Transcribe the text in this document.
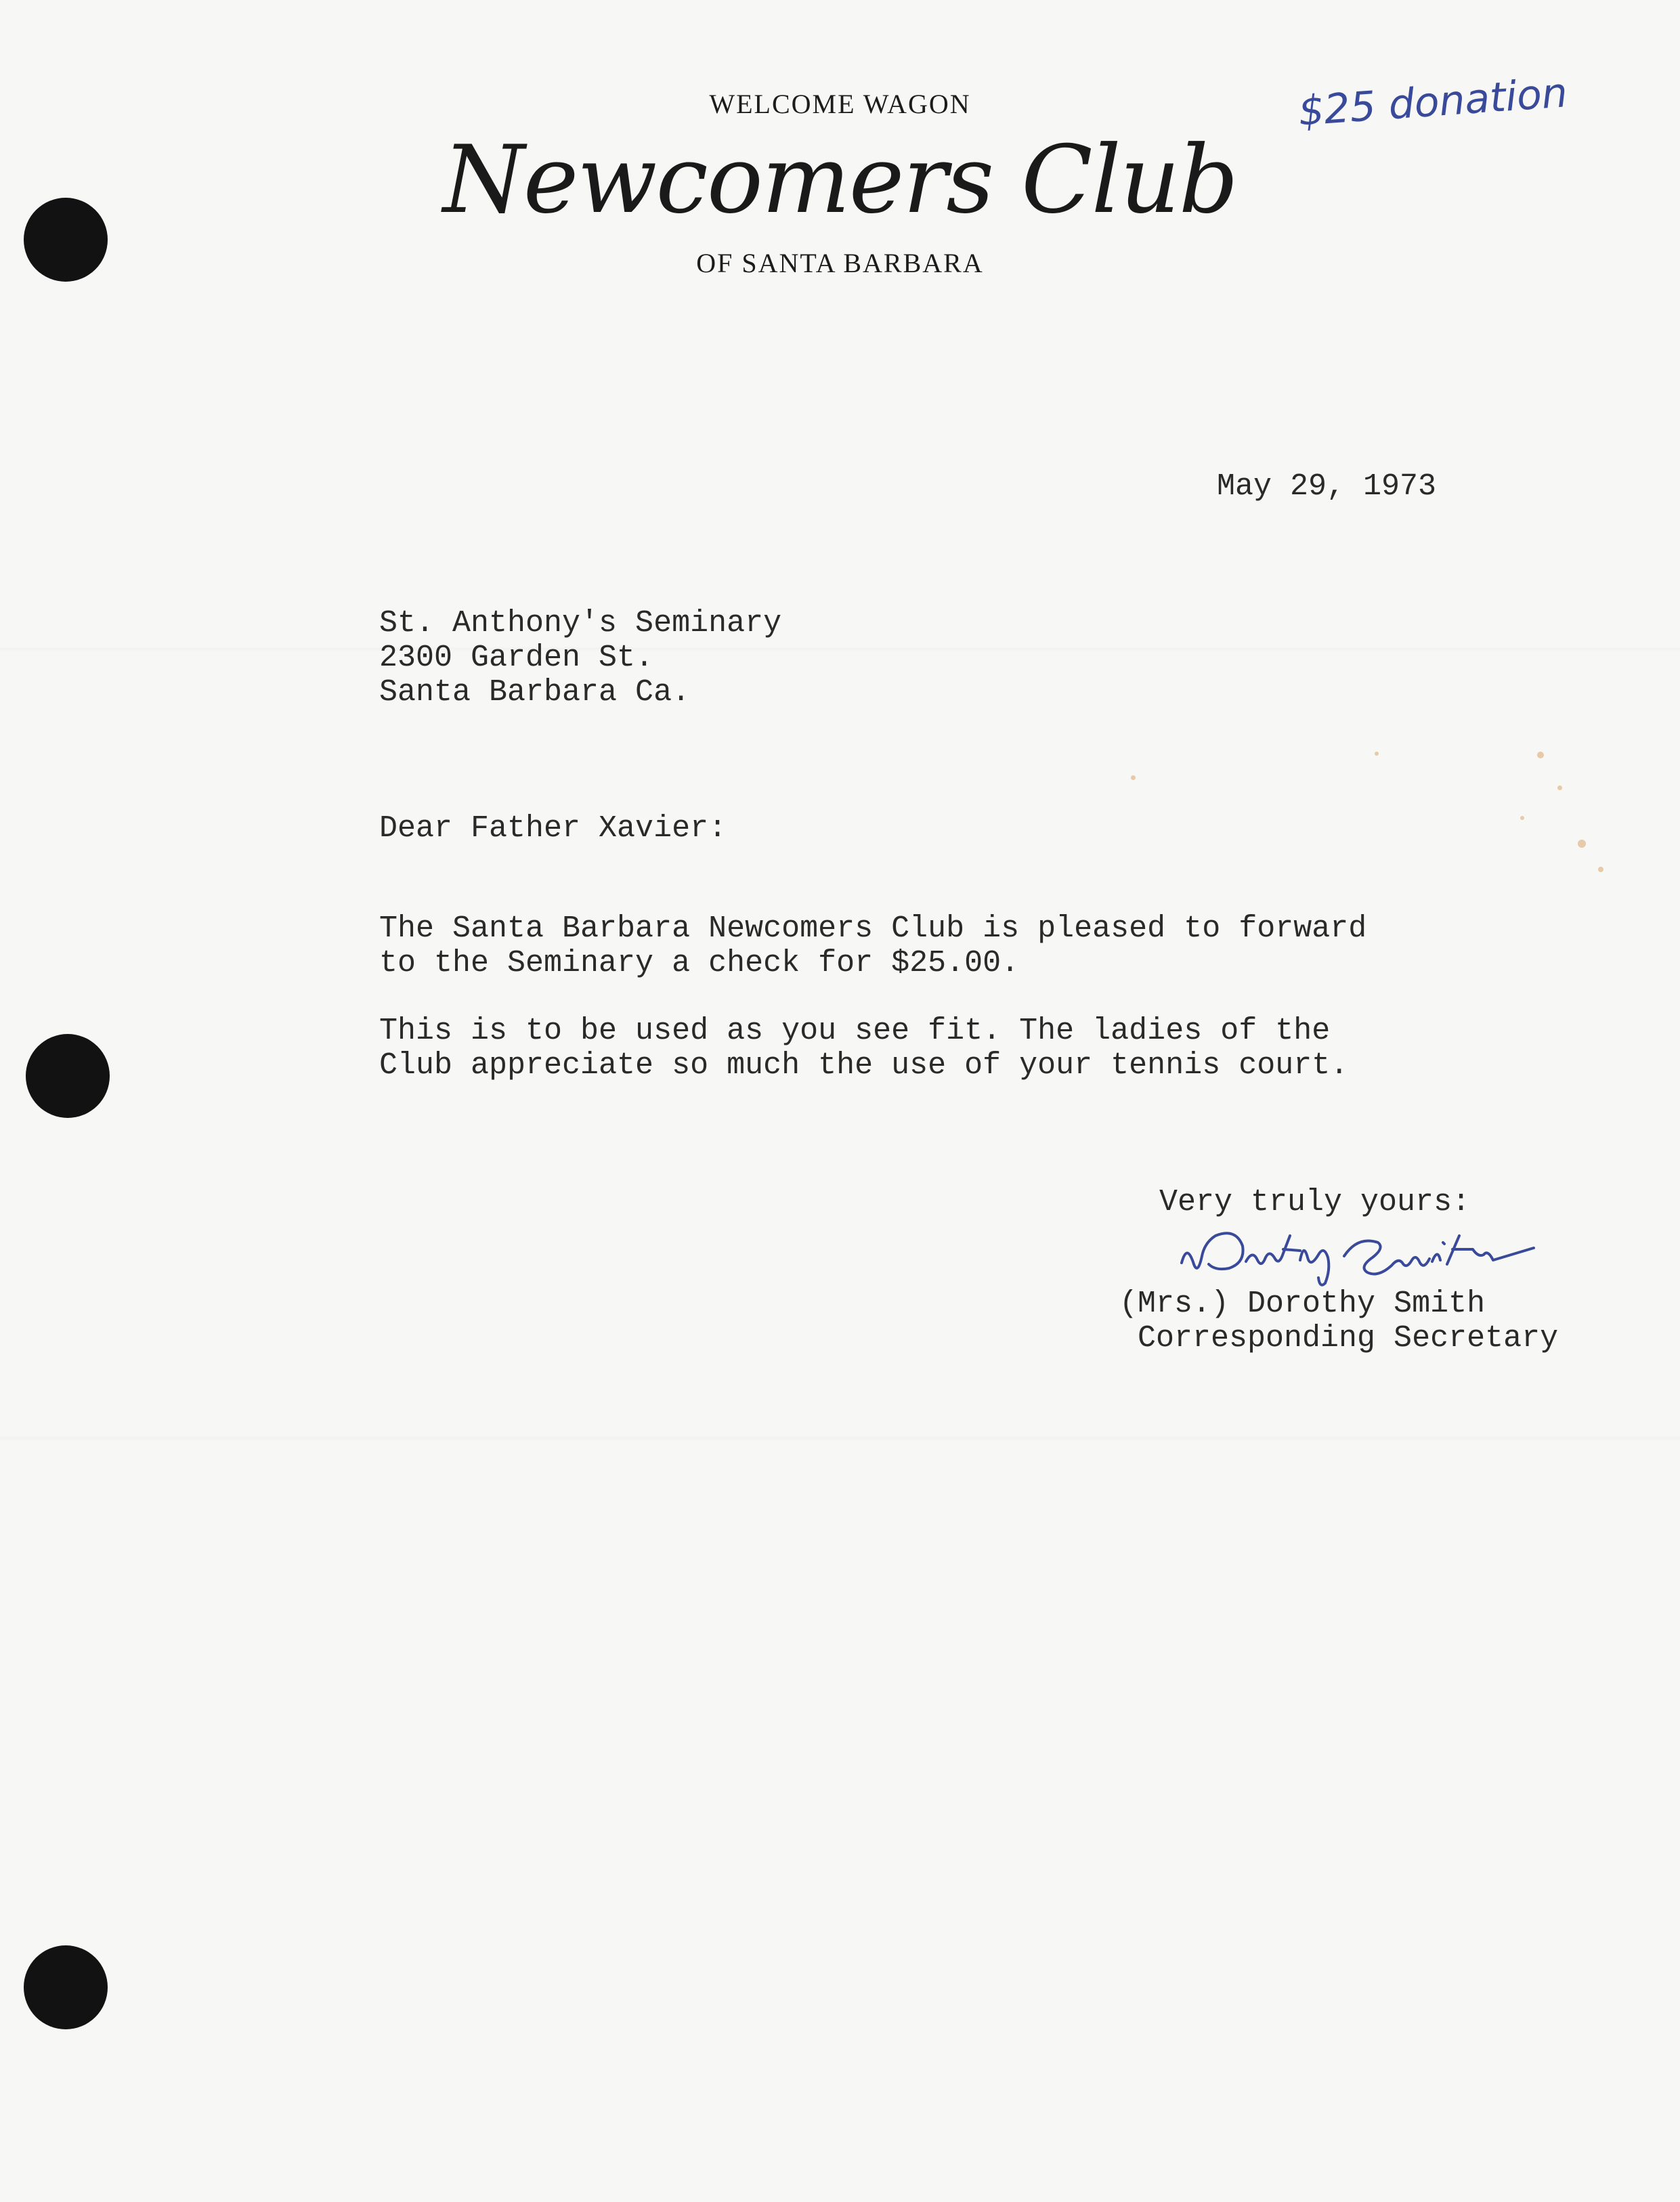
WELCOME WAGON
Newcomers Club
OF SANTA BARBARA
$25 donation
May 29, 1973
St. Anthony's Seminary
2300 Garden St.
Santa Barbara Ca.
Dear Father Xavier:
The Santa Barbara Newcomers Club is pleased to forward
to the Seminary a check for $25.00.
This is to be used as you see fit. The ladies of the
Club appreciate so much the use of your tennis court.
Very truly yours:
(Mrs.) Dorothy Smith
Corresponding Secretary
